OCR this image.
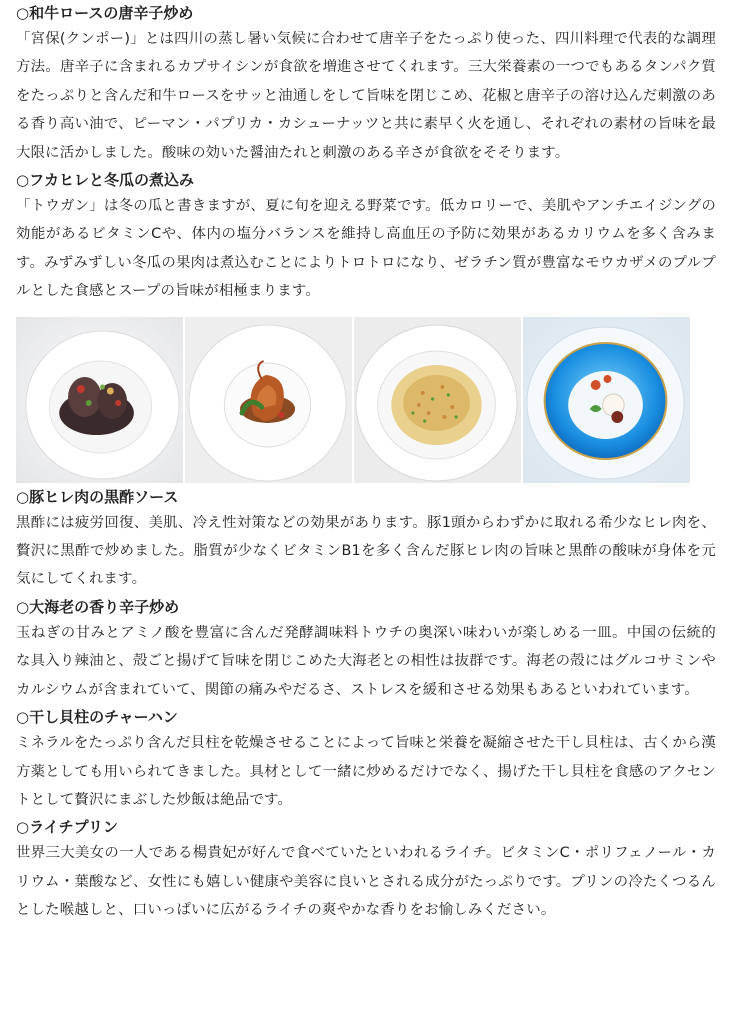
○和牛ロースの唐辛子炒め

「宮保(クンポー)」とは四川の蒸し暑い気候に合わせて唐辛子をたっぷり使った、四川料理で代表的な調理方法。唐辛子に含まれるカプサイシンが食欲を増進させてくれます。三大栄養素の一つでもあるタンパク質をたっぷりと含んだ和牛ロースをサッと油通しをして旨味を閉じこめ、花椒と唐辛子の溶け込んだ刺激のある香り高い油で、ピーマン・パプリカ・カシューナッツと共に素早く火を通し、それぞれの素材の旨味を最大限に活かしました。酸味の効いた醤油たれと刺激のある辛さが食欲をそそります。

○フカヒレと冬瓜の煮込み

「トウガン」は冬の瓜と書きますが、夏に旬を迎える野菜です。低カロリーで、美肌やアンチエイジングの効能があるビタミンCや、体内の塩分バランスを維持し高血圧の予防に効果があるカリウムを多く含みます。みずみずしい冬瓜の果肉は煮込むことによりトロトロになり、ゼラチン質が豊富なモウカザメのプルプルとした食感とスープの旨味が相極まります。

○豚ヒレ肉の黒酢ソース

黒酢には疲労回復、美肌、冷え性対策などの効果があります。豚1頭からわずかに取れる希少なヒレ肉を、贅沢に黒酢で炒めました。脂質が少なくビタミンB1を多く含んだ豚ヒレ肉の旨味と黒酢の酸味が身体を元気にしてくれます。

○大海老の香り辛子炒め

玉ねぎの甘みとアミノ酸を豊富に含んだ発酵調味料トウチの奥深い味わいが楽しめる一皿。中国の伝統的な具入り辣油と、殻ごと揚げて旨味を閉じこめた大海老との相性は抜群です。海老の殻にはグルコサミンやカルシウムが含まれていて、関節の痛みやだるさ、ストレスを緩和させる効果もあるといわれています。

○干し貝柱のチャーハン

ミネラルをたっぷり含んだ貝柱を乾燥させることによって旨味と栄養を凝縮させた干し貝柱は、古くから漢方薬としても用いられてきました。具材として一緒に炒めるだけでなく、揚げた干し貝柱を食感のアクセントとして贅沢にまぶした炒飯は絶品です。

○ライチプリン

世界三大美女の一人である楊貴妃が好んで食べていたといわれるライチ。ビタミンC・ポリフェノール・カリウム・葉酸など、女性にも嬉しい健康や美容に良いとされる成分がたっぷりです。プリンの冷たくつるんとした喉越しと、口いっぱいに広がるライチの爽やかな香りをお愉しみください。
